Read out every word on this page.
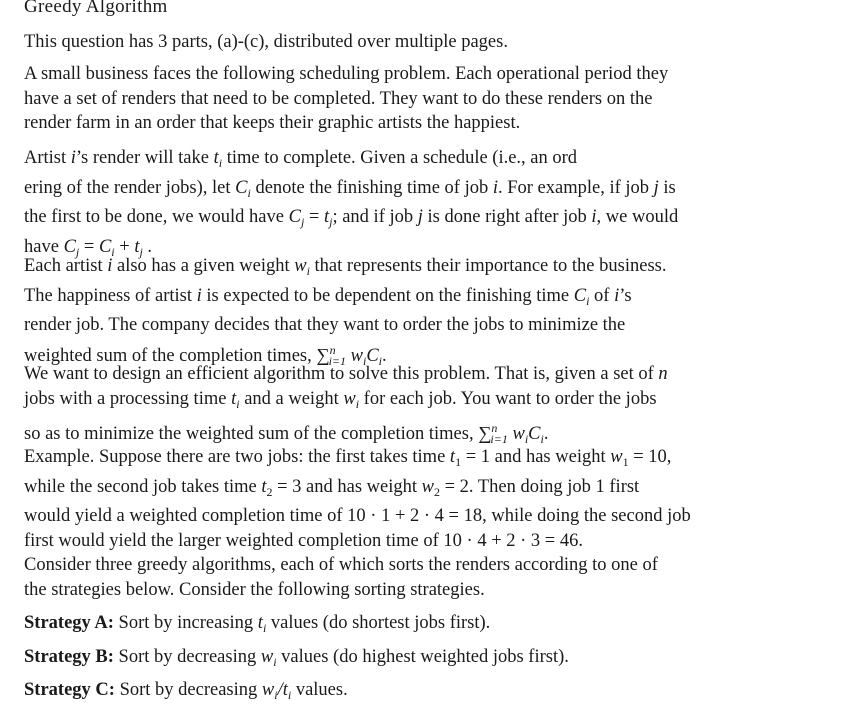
Greedy Algorithm
This question has 3 parts, (a)-(c), distributed over multiple pages.
A small business faces the following scheduling problem. Each operational period they
have a set of renders that need to be completed. They want to do these renders on the
render farm in an order that keeps their graphic artists the happiest.
Artist i’s render will take $t_i$ time to complete. Given a schedule (i.e., an ord
ering of the render jobs), let $C_i$ denote the finishing time of job i. For example, if job j is
the first to be done, we would have $C_j = t_j$; and if job j is done right after job i, we would
have $C_j = C_i + t_j$ .
Each artist i also has a given weight $w_i$ that represents their importance to the business.
The happiness of artist i is expected to be dependent on the finishing time $C_i$ of i’s
render job. The company decides that they want to order the jobs to minimize the
weighted sum of the completion times, ∑$^n_{i=1}$ $w_iC_i$.
We want to design an efficient algorithm to solve this problem. That is, given a set of n
jobs with a processing time $t_i$ and a weight $w_i$ for each job. You want to order the jobs
so as to minimize the weighted sum of the completion times, ∑$^n_{i=1}$ $w_iC_i$.
Example. Suppose there are two jobs: the first takes time $t_1 = 1$ and has weight $w_1 = 10$,
while the second job takes time $t_2 = 3$ and has weight $w_2 = 2$. Then doing job 1 first
would yield a weighted completion time of 10 · 1 + 2 · 4 = 18, while doing the second job
first would yield the larger weighted completion time of 10 · 4 + 2 · 3 = 46.
Consider three greedy algorithms, each of which sorts the renders according to one of
the strategies below. Consider the following sorting strategies.
Strategy A: Sort by increasing $t_i$ values (do shortest jobs first).
Strategy B: Sort by decreasing $w_i$ values (do highest weighted jobs first).
Strategy C: Sort by decreasing $w_i/t_i$ values.
